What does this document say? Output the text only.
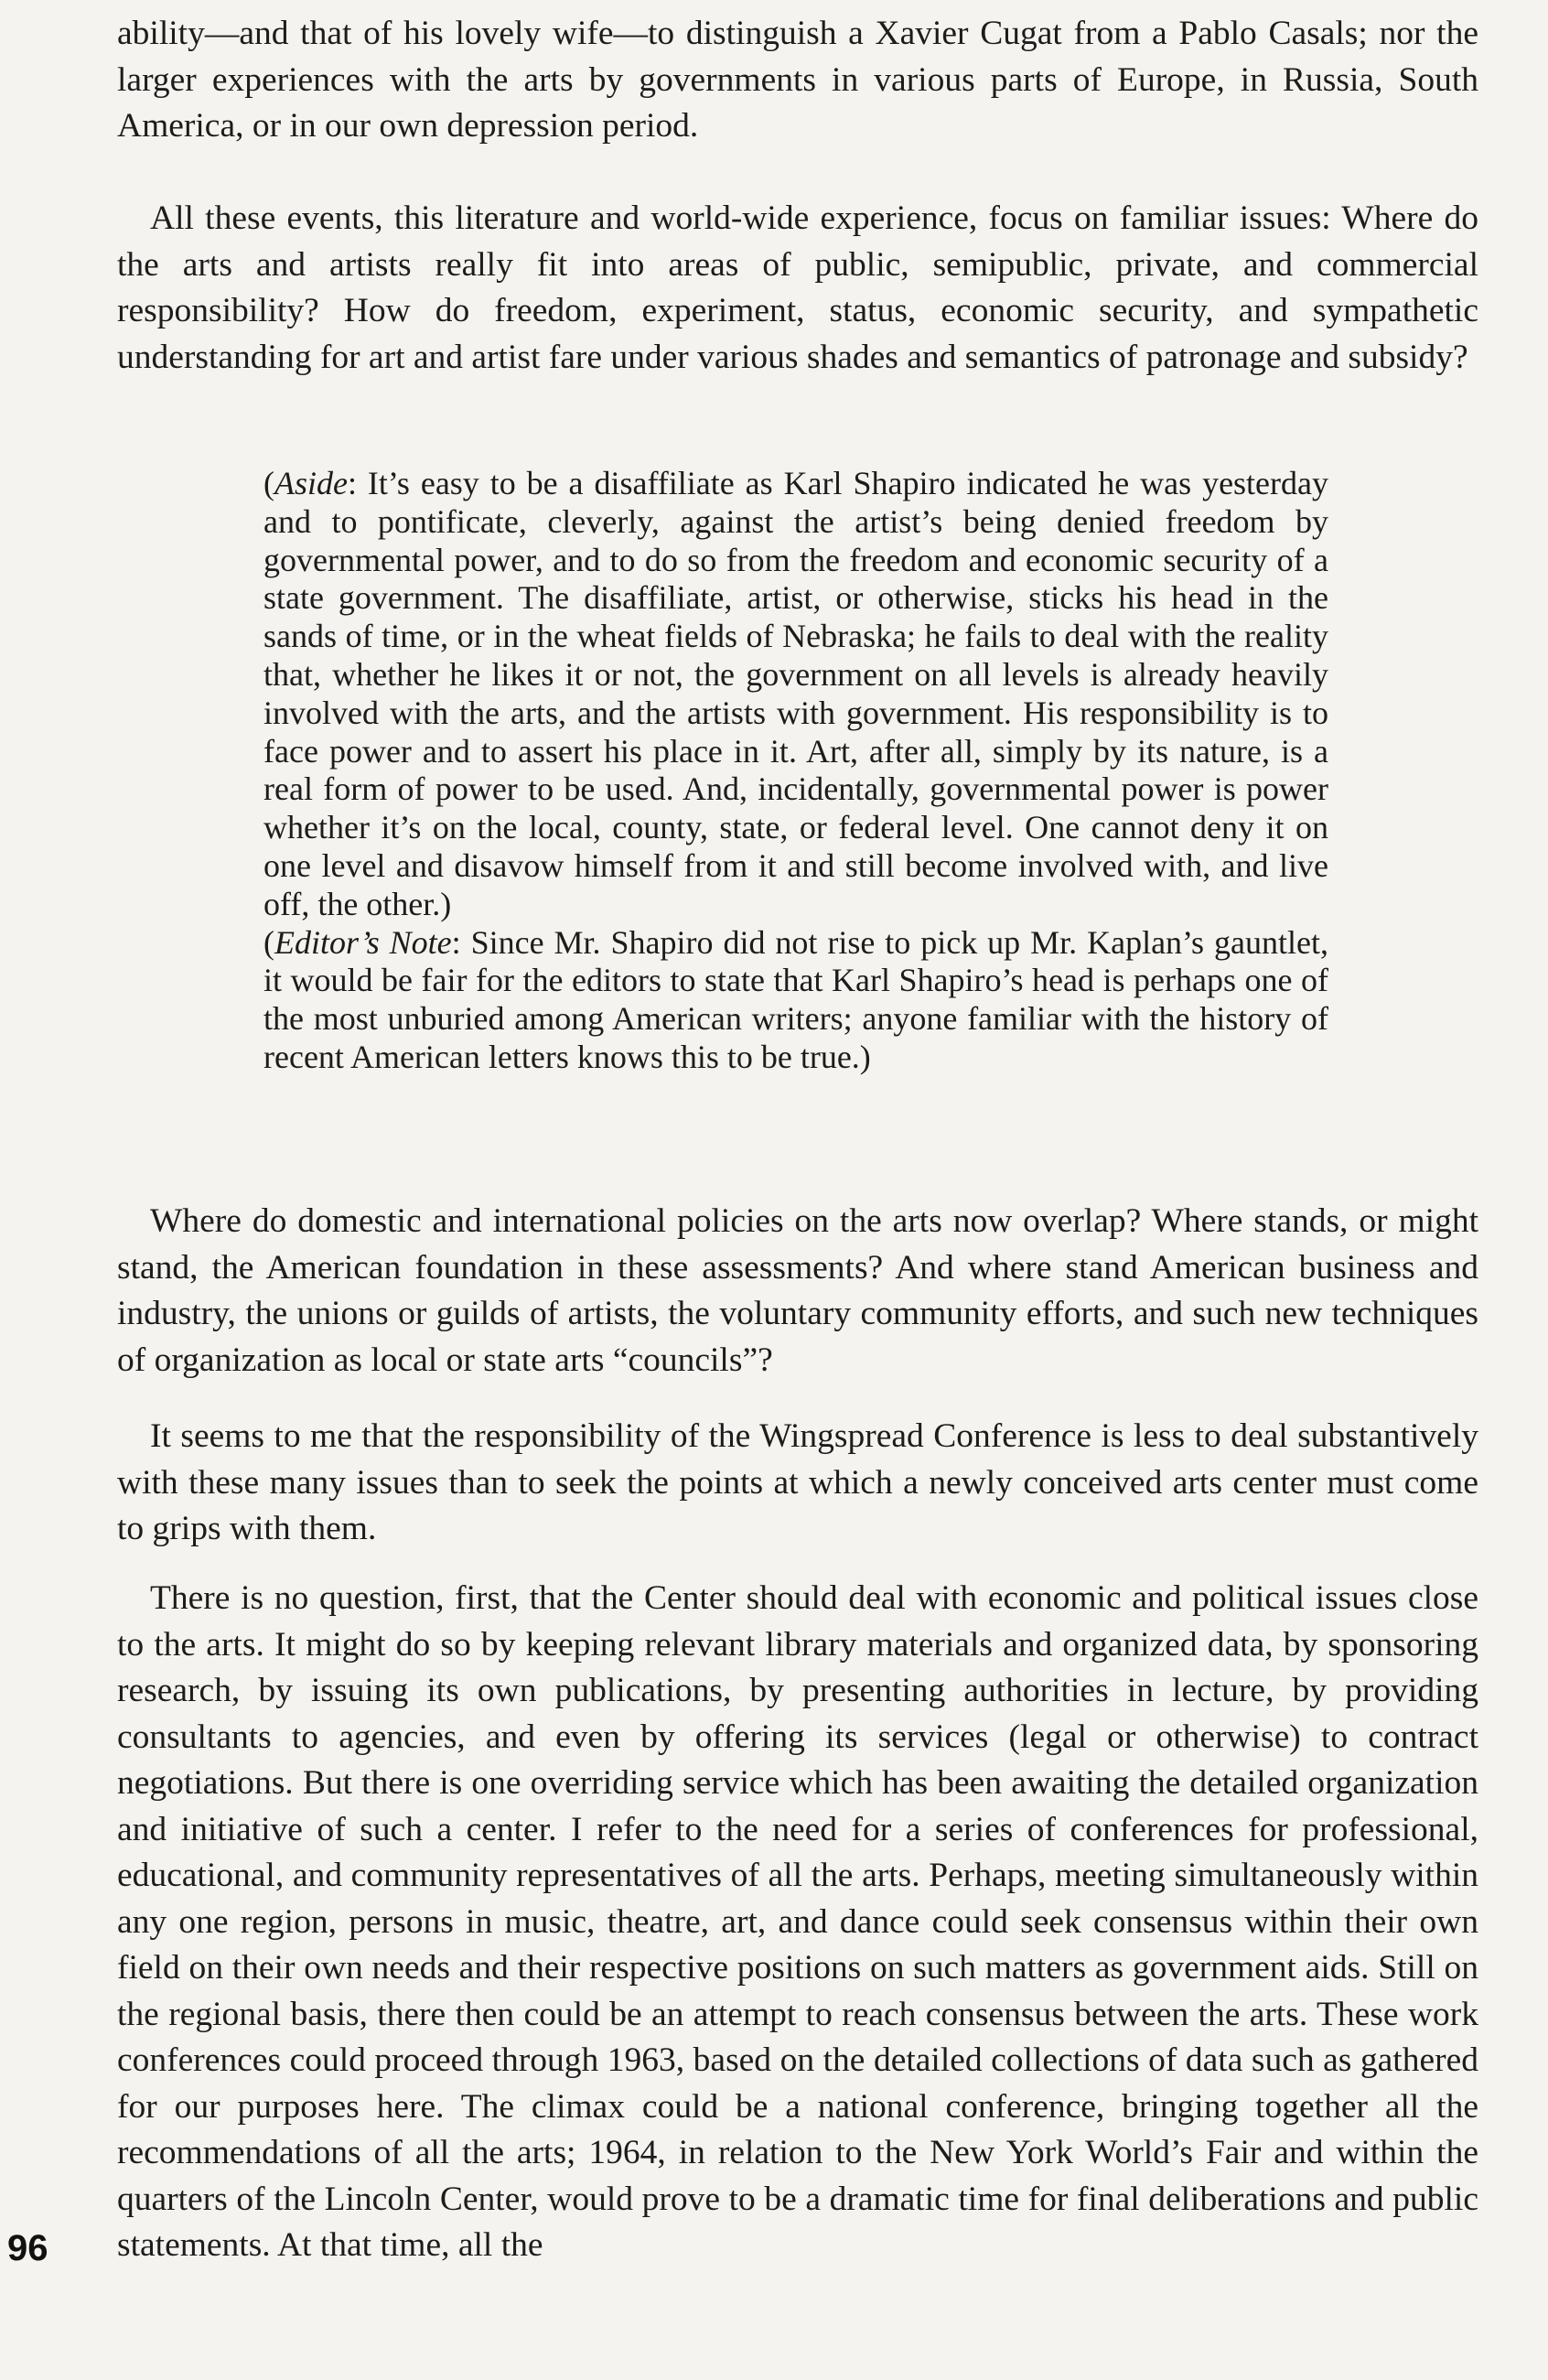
ability—and that of his lovely wife—to distinguish a Xavier Cugat from a Pablo Casals; nor the larger experiences with the arts by governments in various parts of Europe, in Russia, South America, or in our own depression period.

All these events, this literature and world-wide experience, focus on familiar issues: Where do the arts and artists really fit into areas of public, semipublic, private, and commercial responsibility? How do freedom, experiment, status, economic security, and sympathetic understanding for art and artist fare under various shades and semantics of patronage and subsidy?

(Aside: It’s easy to be a disaffiliate as Karl Shapiro indicated he was yesterday and to pontificate, cleverly, against the artist’s being denied freedom by governmental power, and to do so from the freedom and economic security of a state government. The disaffiliate, artist, or otherwise, sticks his head in the sands of time, or in the wheat fields of Nebraska; he fails to deal with the reality that, whether he likes it or not, the government on all levels is already heavily involved with the arts, and the artists with government. His responsibility is to face power and to assert his place in it. Art, after all, simply by its nature, is a real form of power to be used. And, incidentally, governmental power is power whether it’s on the local, county, state, or federal level. One cannot deny it on one level and disavow himself from it and still become involved with, and live off, the other.)

(Editor’s Note: Since Mr. Shapiro did not rise to pick up Mr. Kaplan’s gauntlet, it would be fair for the editors to state that Karl Shapiro’s head is perhaps one of the most unburied among American writers; anyone familiar with the history of recent American letters knows this to be true.)

Where do domestic and international policies on the arts now overlap? Where stands, or might stand, the American foundation in these assessments? And where stand American business and industry, the unions or guilds of artists, the voluntary community efforts, and such new techniques of organization as local or state arts “councils”?

It seems to me that the responsibility of the Wingspread Conference is less to deal substantively with these many issues than to seek the points at which a newly conceived arts center must come to grips with them.

There is no question, first, that the Center should deal with economic and political issues close to the arts. It might do so by keeping relevant library materials and organized data, by sponsoring research, by issuing its own publications, by presenting authorities in lecture, by providing consultants to agencies, and even by offering its services (legal or otherwise) to contract negotiations. But there is one overriding service which has been awaiting the detailed organization and initiative of such a center. I refer to the need for a series of conferences for professional, educational, and community representatives of all the arts. Perhaps, meeting simultaneously within any one region, persons in music, theatre, art, and dance could seek consensus within their own field on their own needs and their respective positions on such matters as government aids. Still on the regional basis, there then could be an attempt to reach consensus between the arts. These work conferences could proceed through 1963, based on the detailed collections of data such as gathered for our purposes here. The climax could be a national conference, bringing together all the recommendations of all the arts; 1964, in relation to the New York World’s Fair and within the quarters of the Lincoln Center, would prove to be a dramatic time for final deliberations and public statements. At that time, all the

96
